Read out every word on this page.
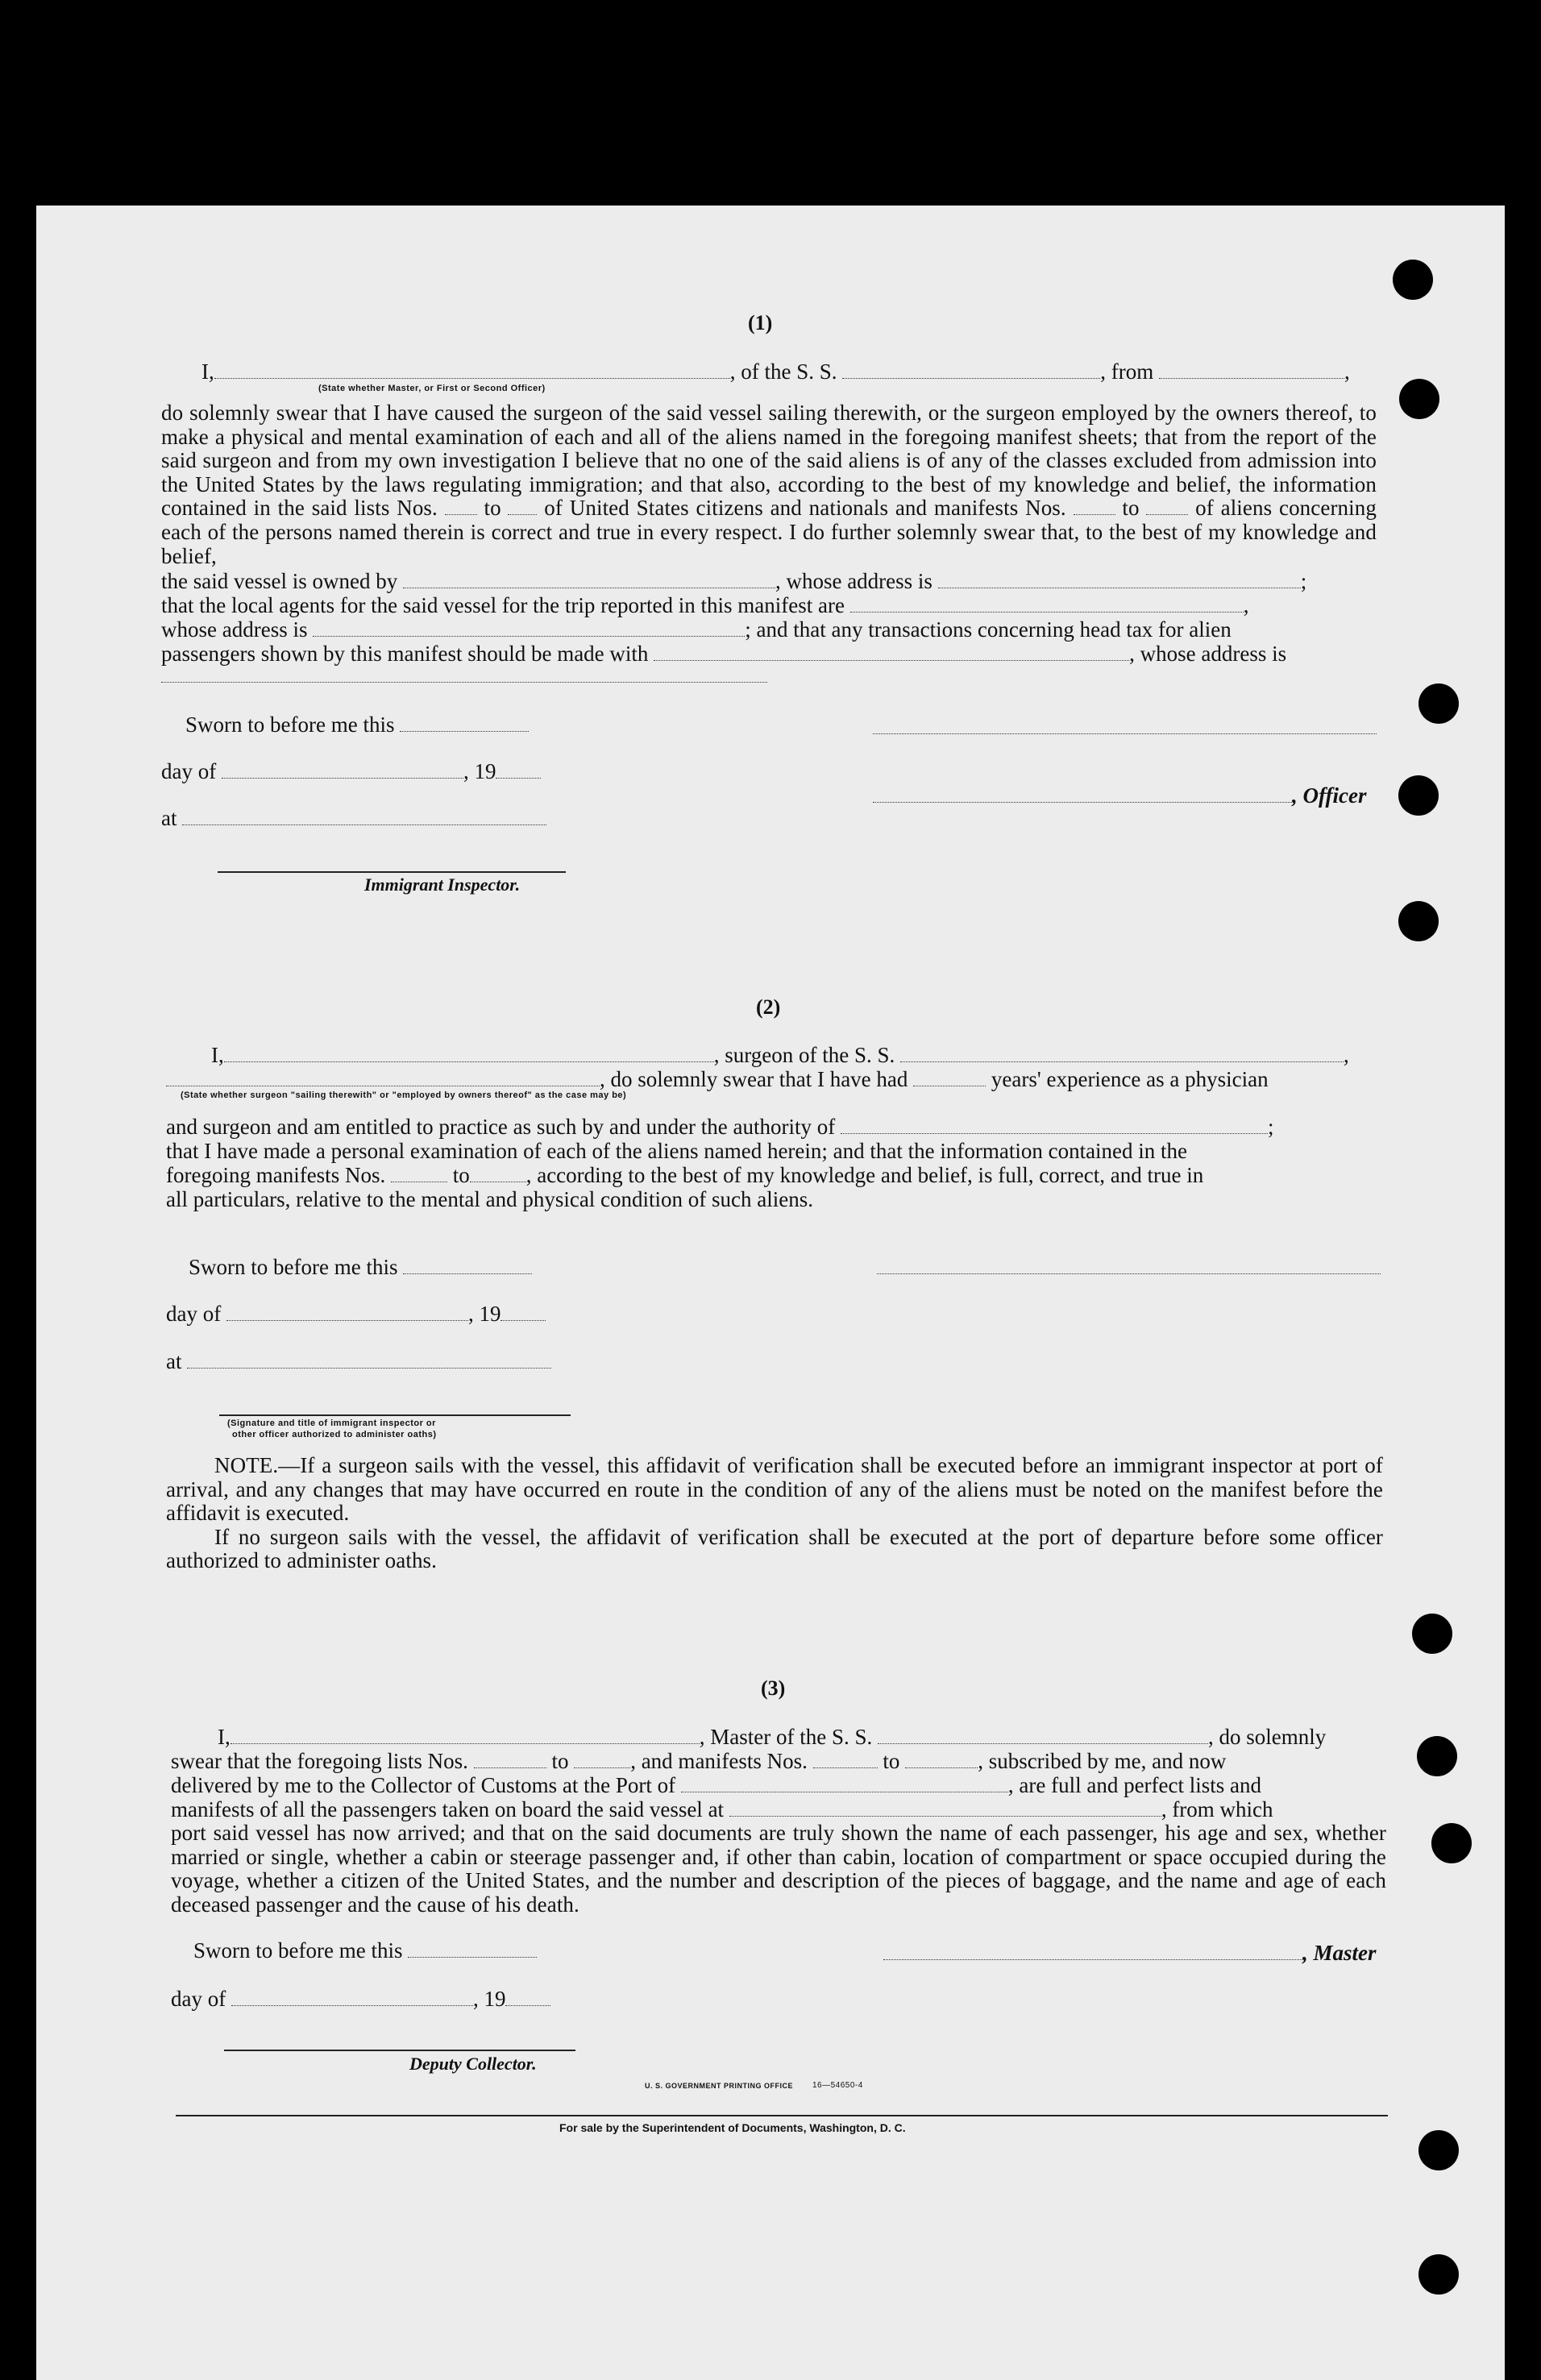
(1)
I,	, of the S. S.	, from	,
(State whether Master, or First or Second Officer)

do solemnly swear that I have caused the surgeon of the said vessel sailing therewith, or the surgeon employed by the owners thereof, to make a physical and mental examination of each and all of the aliens named in the foregoing manifest sheets; that from the report of the said surgeon and from my own investigation I believe that no one of the said aliens is of any of the classes excluded from admission into the United States by the laws regulating immigration; and that also, according to the best of my knowledge and belief, the information contained in the said lists Nos. to of United States citizens and nationals and manifests Nos.	to	of aliens concerning each of the persons named therein is correct and true in every respect. I do further solemnly swear that, to the best of my knowledge and belief,

the said vessel is owned by	, whose address is	;
that the local agents for the said vessel for the trip reported in this manifest are	,
whose address is	; and that any transactions concerning head tax for alien
passengers shown by this manifest should be made with	, whose address is
Sworn to before me this
day of	, 19
, Officer
at
Immigrant Inspector.
(2)
I,	, surgeon of the S. S.	,
, do solemnly swear that I have had	years' experience as a physician
(State whether surgeon "sailing therewith" or "employed by owners thereof" as the case may be)
and surgeon and am entitled to practice as such by and under the authority of	;
that I have made a personal examination of each of the aliens named herein; and that the information contained in the
foregoing manifests Nos.	to	, according to the best of my knowledge and belief, is full, correct, and true in
all particulars, relative to the mental and physical condition of such aliens.
Sworn to before me this
day of	, 19
at
(Signature and title of immigrant inspector or
other officer authorized to administer oaths)

NOTE.—If a surgeon sails with the vessel, this affidavit of verification shall be executed before an immigrant inspector at port of arrival, and any changes that may have occurred en route in the condition of any of the aliens must be noted on the manifest before the affidavit is executed.

If no surgeon sails with the vessel, the affidavit of verification shall be executed at the port of departure before some officer authorized to administer oaths.

(3)
I,	, Master of the S. S.	, do solemnly
swear that the foregoing lists Nos.	to	, and manifests Nos.	to	, subscribed by me, and now
delivered by me to the Collector of Customs at the Port of	, are full and perfect lists and
manifests of all the passengers taken on board the said vessel at	, from which

port said vessel has now arrived; and that on the said documents are truly shown the name of each passenger, his age and sex, whether married or single, whether a cabin or steerage passenger and, if other than cabin, location of compartment or space occupied during the voyage, whether a citizen of the United States, and the number and description of the pieces of baggage, and the name and age of each deceased passenger and the cause of his death.

Sworn to before me this	, Master
day of	, 19
Deputy Collector.
U. S. GOVERNMENT PRINTING OFFICE 16—54650-4
For sale by the Superintendent of Documents, Washington, D. C.
